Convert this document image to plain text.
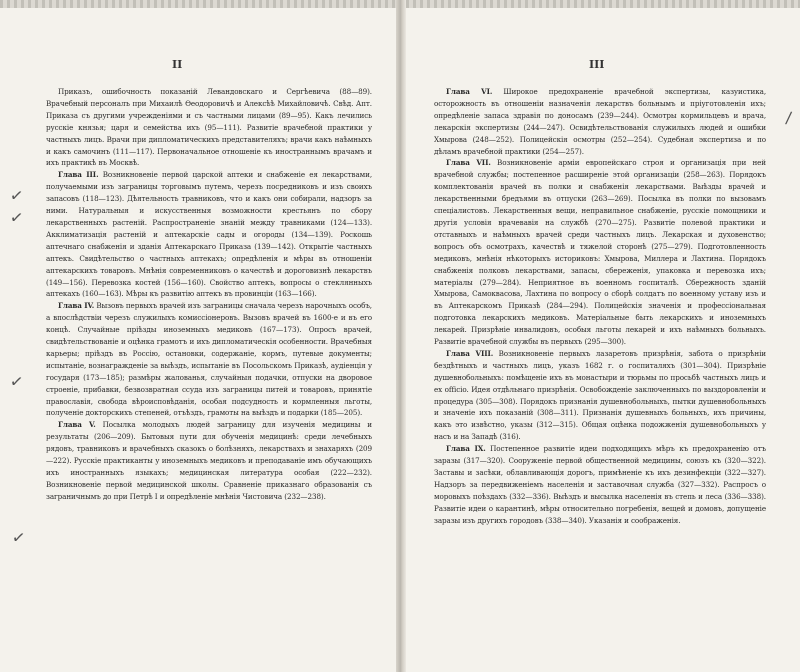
II

Приказъ, ошибочность показаній Левандовскаго и Сергѣевича (88—89). Врачебный персоналъ при Михаилѣ Ѳеодоровичѣ и Алексѣѣ Михайловичѣ. Свѣд. Апт. Приказа съ другими учрежденіями и съ частными лицами (89—95). Какъ лечились русскіе князья; царя и семейства ихъ (95—111). Развитіе врачебной практики у частныхъ лицъ. Врачи при дипломатическихъ представителяхъ; врачи какъ наѣмныхъ и какъ самочинъ (111—117). Первоначальное отношеніе къ иностраннымъ врачамъ и ихъ практикѣ въ Москвѣ.

Глава III. Возникновеніе первой царской аптеки и снабженіе ея лекарствами, получаемыми изъ заграницы торговымъ путемъ, черезъ посредниковъ и изъ своихъ запасовъ (118—123). Дѣятельность травниковъ, что и какъ они собирали, надзоръ за ними. Натуральныя и искусственныя возможности крестьянъ по сбору лекарственныхъ растеній. Распространеніе знаній между травниками (124—133). Акклиматизація растеній и аптекарскіе сады и огороды (134—139). Роскошь аптечнаго снабженія и зданія Аптекарскаго Приказа (139—142). Открытіе частныхъ аптекъ. Свидѣтельство о частныхъ аптекахъ; опредѣленія и мѣры въ отношеніи аптекарскихъ товаровъ. Мнѣнія современниковъ о качествѣ и дороговизнѣ лекарствъ (149—156). Перевозка костей (156—160). Свойство аптекъ, вопросы о стеклянныхъ аптекахъ (160—163). Мѣры къ развитію аптекъ въ провинціи (163—166).

Глава IV. Вызовъ первыхъ врачей изъ заграницы сначала черезъ нарочныхъ особъ, а впослѣдствіи черезъ служилыхъ комиссіонеровъ. Вызовъ врачей въ 1600-е и въ его концѣ. Случайные пріѣзды иноземныхъ медиковъ (167—173). Опросъ врачей, свидѣтельствованіе и оцѣнка грамотъ и ихъ дипломатическія особенности. Врачебныя карьеры; пріѣздъ въ Россію, остановки, содержаніе, кормъ, путевые документы; испытаніе, вознагражденіе за выѣздъ, испытаніе въ Посольскомъ Приказѣ, аудіенція у государя (173—185); размѣры жалованья, случайныя подачки, отпуски на дворовое строеніе, прибавки, безвозвратная ссуда изъ заграницы питей и товаровъ, принятіе православія, свобода вѣроисповѣданія, особая подсудность и кормленныя льготы, полученіе докторскихъ степеней, отъѣздъ, грамоты на выѣздъ и подарки (185—205).

Глава V. Посылка молодыхъ людей заграницу для изученія медицины и результаты (206—209). Бытовыя пути для обученія медицинѣ: среди лечебныхъ рядовъ, травниковъ и врачебныхъ сказокъ о болѣзняхъ, лекарствахъ и знахаряхъ (209—222). Русскіе практиканты у иноземныхъ медиковъ и преподаваніе имъ обучающихъ ихъ иностранныхъ языкахъ; медицинская литература особая (222—232). Возникновеніе первой медицинской школы. Сравненіе приказнаго образованія съ заграничнымъ до при Петрѣ I и опредѣленіе мнѣнія Чистовича (232—238).

III

Глава VI. Широкое предохраненіе врачебной экспертизы, казуистика, осторожность въ отношеніи назначенія лекарствъ больнымъ и пріуготовленія ихъ; опредѣленіе запаса здравія по доносамъ (239—244). Осмотры кормильцевъ и врача, лекарскія экспертизы (244—247). Освидѣтельствованія служилыхъ людей и ошибки Хмырова (248—252). Полицейскія осмотры (252—254). Судебная экспертиза и по дѣламъ врачебной практики (254—257).

Глава VII. Возникновеніе арміи европейскаго строя и организація при ней врачебной службы; постепенное расширеніе этой организаціи (258—263). Порядокъ комплектованія врачей въ полки и снабженія лекарствами. Выѣзды врачей и лекарственными бредъями въ отпуски (263—269). Посылка въ полки по вызовамъ спеціалистовъ. Лекарственныя вещи, неправильное снабженіе, русскіе помощники и другія условія врачевавія на службѣ (270—275). Развитіе полевой практики и отставныхъ и наѣмныхъ врачей среди частныхъ лицъ. Лекарская и духовенство; вопросъ объ осмотрахъ, качествѣ и тяжелой сторонѣ (275—279). Подготовленность медиковъ, мнѣнія нѣкоторыхъ историковъ: Хмырова, Миллера и Лахтина. Порядокъ снабженія полковъ лекарствами, запасы, сбереженія, упаковка и перевозка ихъ; матеріалы (279—284). Неприятное въ военномъ госпиталѣ. Сбережность зданій Хмырова, Самоквасова, Лахтина по вопросу о сборѣ солдатъ по военному уставу изъ и въ Аптекарскомъ Приказѣ (284—294). Полицейскія значенія и профессіональная подготовка лекарскихъ медиковъ. Матеріальные быть лекарскихъ и иноземныхъ лекарей. Призрѣніе инвалидовъ, особыя льготы лекарей и ихъ наѣмныхъ больныхъ. Развитіе врачебной службы въ первыхъ (295—300).

Глава VIII. Возникновеніе первыхъ лазаретовъ призрѣнія, забота о призрѣніи бездѣтныхъ и частныхъ лицъ, указъ 1682 г. о госпиталяхъ (301—304). Призрѣніе душевнобольныхъ: помѣщеніе ихъ въ монастыри и тюрьмы по просьбѣ частныхъ лицъ и ex officio. Идея отдѣльнаго призрѣнія. Освобожденіе заключенныхъ по выздоровленіи и процедура (305—308). Порядокъ признанія душевнобольныхъ, пытки душевнобольныхъ и значеніе ихъ показаній (308—311). Признанія душевныхъ больныхъ, ихъ причины, какъ это извѣстно, указы (312—315). Общая оцѣнка подожженія душевнобольныхъ у насъ и на Западѣ (316).

Глава IX. Постепенное развитіе идеи подходящихъ мѣръ къ предохраненію отъ заразы (317—320). Сооруженіе первой общественной медицины, союзъ къ (320—322). Заставы и засѣки, облавливающія дорогъ, примѣненіе къ ихъ дезинфекціи (322—327). Надзоръ за передвиженіемъ населенія и заставочная служба (327—332). Распросъ о моровыхъ поѣздахъ (332—336). Выѣздъ и высылка населенія въ степь и леса (336—338). Развитіе идеи о карантинѣ, мѣры относительно погребенія, вещей и домовъ, допущеніе заразы изъ другихъ городовъ (338—340). Указанія и соображенія.

✓
✓
✓
✓
/
